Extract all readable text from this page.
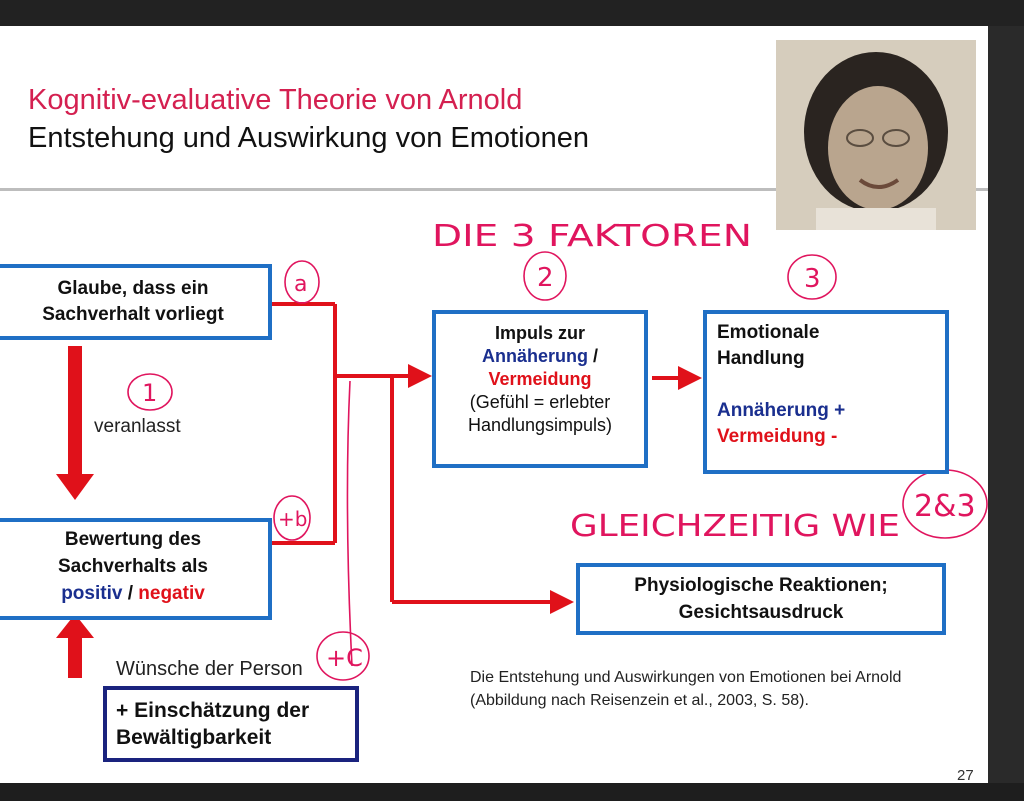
Kognitiv-evaluative Theorie von Arnold
Entstehung und Auswirkung von Emotionen
DIE 3 FAKTOREN
a	2	3
1
+b
+C
GLEICHZEITIG WIE
2&3
Glaube, dass ein
Sachverhalt vorliegt
veranlasst
Bewertung des
Sachverhalts als
positiv / negativ
Wünsche der Person
+ Einschätzung der
Bewältigbarkeit
Impuls zur
Annäherung /
Vermeidung
(Gefühl = erlebter
Handlungsimpuls)
Emotionale
Handlung
Annäherung +
Vermeidung -
Physiologische Reaktionen;
Gesichtsausdruck
Die Entstehung und Auswirkungen von Emotionen bei Arnold
(Abbildung nach Reisenzein et al., 2003, S. 58).
27
